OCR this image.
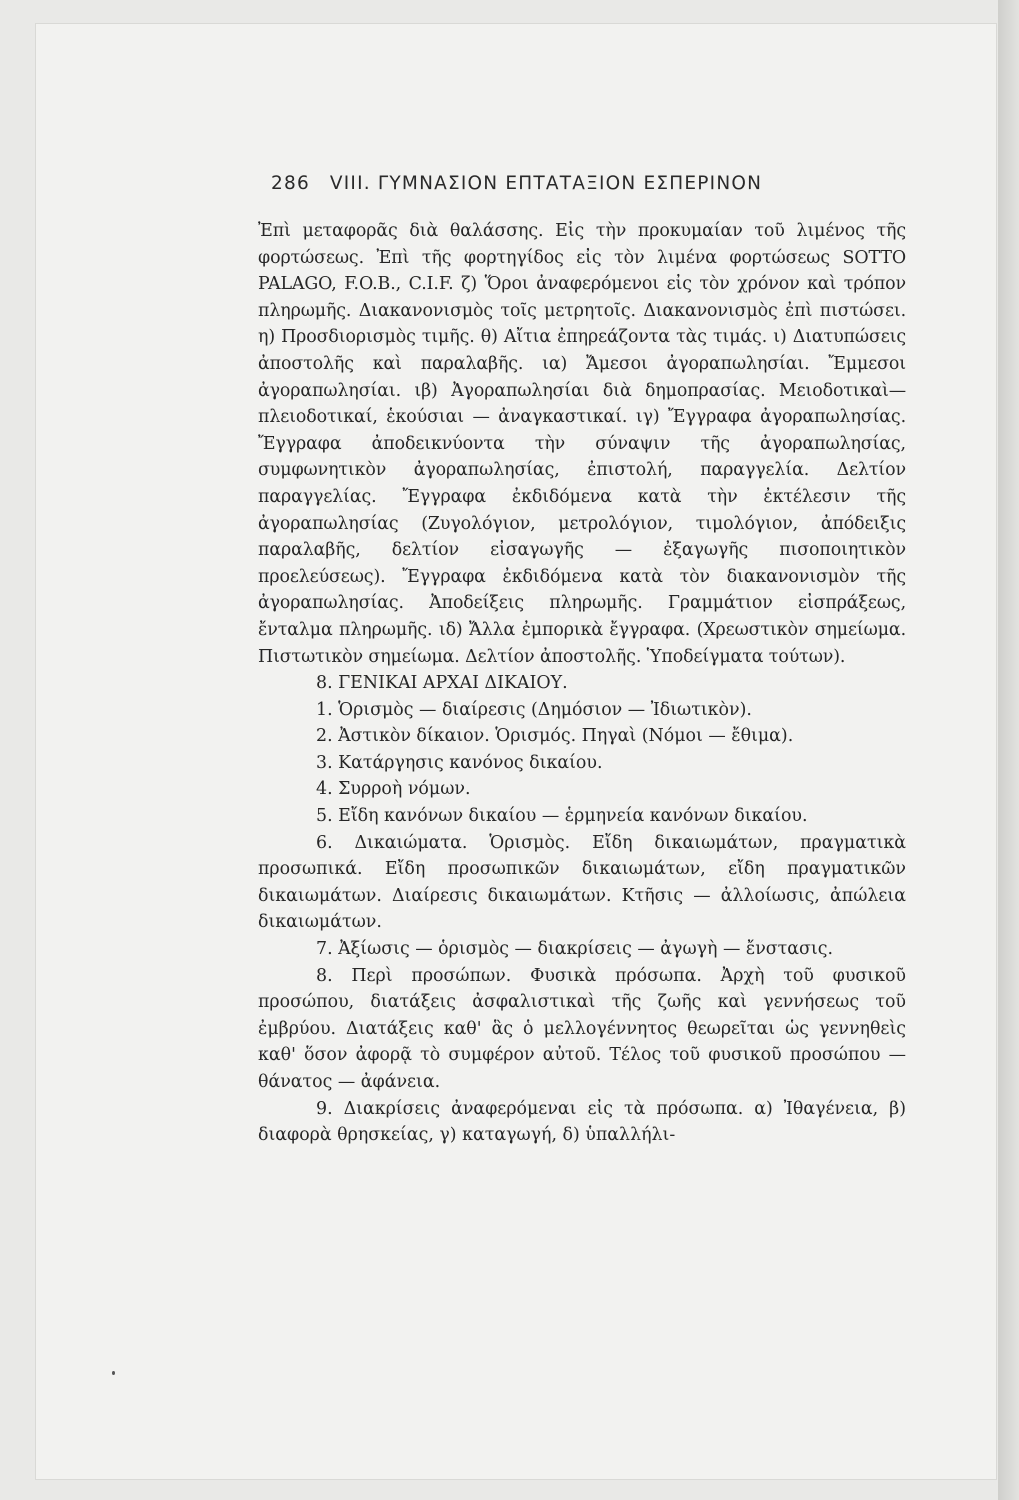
286 VIII. ΓΥΜΝΑΣΙΟΝ ΕΠΤΑΤΑΞΙΟΝ ΕΣΠΕΡΙΝΟΝ

Ἐπὶ μεταφορᾶς διὰ θαλάσσης. Εἰς τὴν προκυμαίαν τοῦ λιμένος τῆς φορτώσεως. Ἐπὶ τῆς φορτηγίδος εἰς τὸν λιμένα φορτώσεως SOTTO PALAGO, F.O.B., C.I.F. ζ) Ὅροι ἀναφερόμενοι εἰς τὸν χρόνον καὶ τρόπον πληρωμῆς. Διακανονισμὸς τοῖς μετρητοῖς. Διακανονισμὸς ἐπὶ πιστώσει. η) Προσδιορισμὸς τιμῆς. θ) Αἴτια ἐπηρεάζοντα τὰς τιμάς. ι) Διατυπώσεις ἀποστολῆς καὶ παραλαβῆς. ια) Ἄμεσοι ἀγοραπωλησίαι. Ἔμμεσοι ἀγοραπωλησίαι. ιβ) Ἀγοραπωλησίαι διὰ δημοπρασίας. Μειοδοτικαὶ—πλειοδοτικαί, ἑκούσιαι — ἀναγκαστικαί. ιγ) Ἔγγραφα ἀγοραπωλησίας. Ἔγγραφα ἀποδεικνύοντα τὴν σύναψιν τῆς ἀγοραπωλησίας, συμφωνητικὸν ἀγοραπωλησίας, ἐπιστολή, παραγγελία. Δελτίον παραγγελίας. Ἔγγραφα ἐκδιδόμενα κατὰ τὴν ἐκτέλεσιν τῆς ἀγοραπωλησίας (Ζυγολόγιον, μετρολόγιον, τιμολόγιον, ἀπόδειξις παραλαβῆς, δελτίον εἰσαγωγῆς — ἐξαγωγῆς πισοποιητικὸν προελεύσεως). Ἔγγραφα ἐκδιδόμενα κατὰ τὸν διακανονισμὸν τῆς ἀγοραπωλησίας. Ἀποδείξεις πληρωμῆς. Γραμμάτιον εἰσπράξεως, ἔνταλμα πληρωμῆς. ιδ) Ἄλλα ἐμπορικὰ ἔγγραφα. (Χρεωστικὸν σημείωμα. Πιστωτικὸν σημείωμα. Δελτίον ἀποστολῆς. Ὑποδείγματα τούτων).

8. ΓΕΝΙΚΑΙ ΑΡΧΑΙ ΔΙΚΑΙΟΥ.

1. Ὁρισμὸς — διαίρεσις (Δημόσιον — Ἰδιωτικὸν).

2. Ἀστικὸν δίκαιον. Ὁρισμός. Πηγαὶ (Νόμοι — ἔθιμα).

3. Κατάργησις κανόνος δικαίου.

4. Συρροὴ νόμων.

5. Εἴδη κανόνων δικαίου — ἑρμηνεία κανόνων δικαίου.

6. Δικαιώματα. Ὁρισμὸς. Εἴδη δικαιωμάτων, πραγματικὰ προσωπικά. Εἴδη προσωπικῶν δικαιωμάτων, εἴδη πραγματικῶν δικαιωμάτων. Διαίρεσις δικαιωμάτων. Κτῆσις — ἀλλοίωσις, ἀπώλεια δικαιωμάτων.

7. Ἀξίωσις — ὁρισμὸς — διακρίσεις — ἀγωγὴ — ἔνστασις.

8. Περὶ προσώπων. Φυσικὰ πρόσωπα. Ἀρχὴ τοῦ φυσικοῦ προσώπου, διατάξεις ἀσφαλιστικαὶ τῆς ζωῆς καὶ γεννήσεως τοῦ ἐμβρύου. Διατάξεις καθ' ἃς ὁ μελλογέννητος θεωρεῖται ὡς γεννηθεὶς καθ' ὅσον ἀφορᾷ τὸ συμφέρον αὐτοῦ. Τέλος τοῦ φυσικοῦ προσώπου — θάνατος — ἀφάνεια.

9. Διακρίσεις ἀναφερόμεναι εἰς τὰ πρόσωπα. α) Ἰθαγένεια, β) διαφορὰ θρησκείας, γ) καταγωγή, δ) ὑπαλλήλι-
